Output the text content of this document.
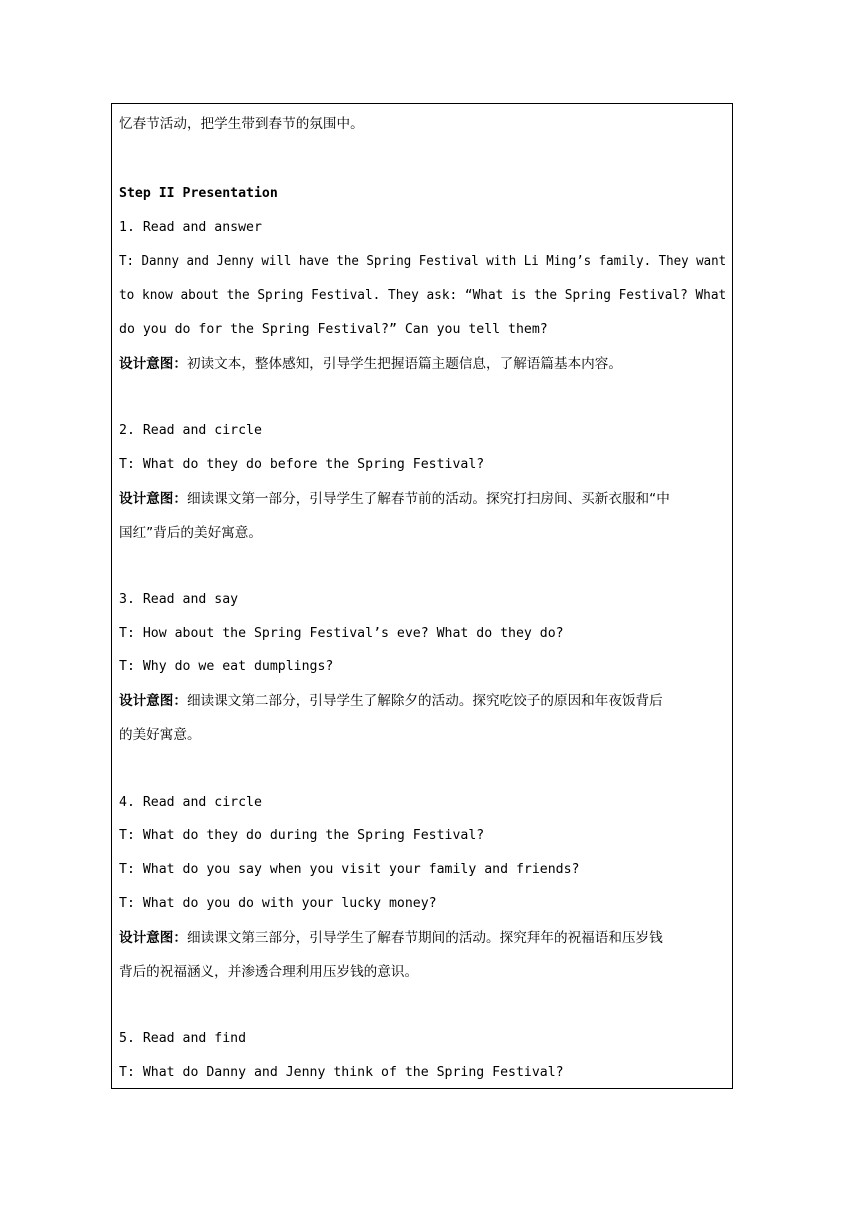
忆春节活动，把学生带到春节的氛围中。
Step II Presentation
1. Read and answer
T: Danny and Jenny will have the Spring Festival with Li Ming’s family. They want
to know about the Spring Festival. They ask: “What is the Spring Festival? What
do you do for the Spring Festival?” Can you tell them?
设计意图：初读文本，整体感知，引导学生把握语篇主题信息，了解语篇基本内容。
2. Read and circle
T: What do they do before the Spring Festival?
设计意图：细读课文第一部分，引导学生了解春节前的活动。探究打扫房间、买新衣服和“中
国红”背后的美好寓意。
3. Read and say
T: How about the Spring Festival’s eve? What do they do?
T: Why do we eat dumplings?
设计意图：细读课文第二部分，引导学生了解除夕的活动。探究吃饺子的原因和年夜饭背后
的美好寓意。
4. Read and circle
T: What do they do during the Spring Festival?
T: What do you say when you visit your family and friends?
T: What do you do with your lucky money?
设计意图：细读课文第三部分，引导学生了解春节期间的活动。探究拜年的祝福语和压岁钱
背后的祝福涵义，并渗透合理利用压岁钱的意识。
5. Read and find
T: What do Danny and Jenny think of the Spring Festival?
